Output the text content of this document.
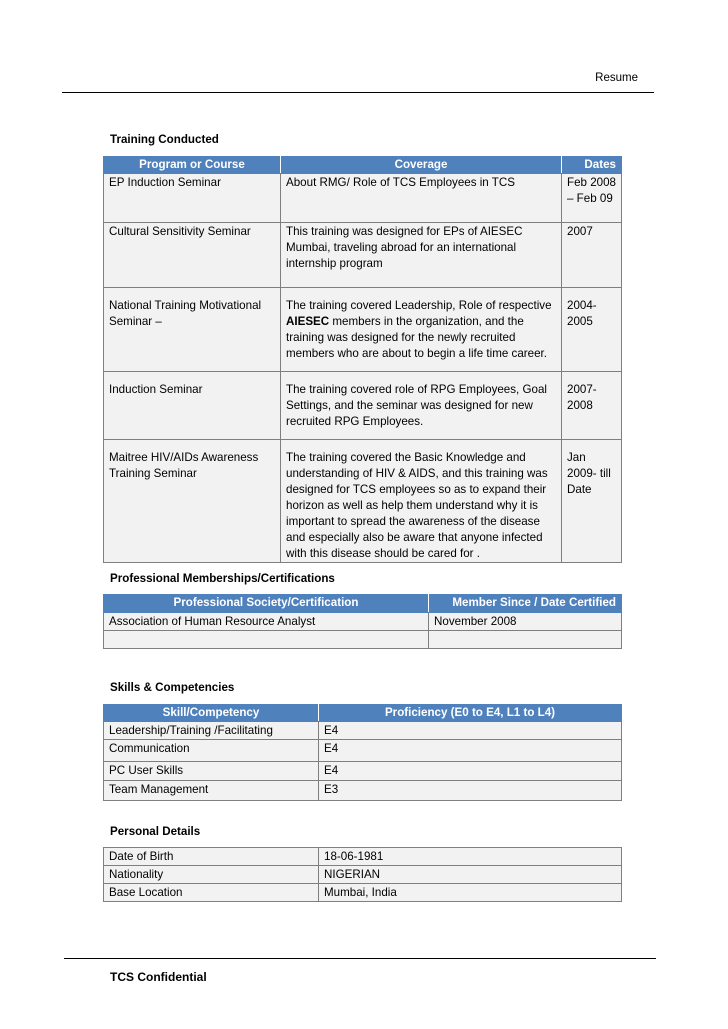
Resume
Training Conducted
Program or Course	Coverage	Dates
EP Induction Seminar	About RMG/ Role of TCS Employees in TCS	Feb 2008 – Feb 09
Cultural Sensitivity Seminar	This training was designed for EPs of AIESEC Mumbai, traveling abroad for an international internship program	2007
National Training Motivational Seminar –	The training covered Leadership, Role of respective AIESEC members in the organization, and the training was designed for the newly recruited members who are about to begin a life time career.	2004-2005
Induction Seminar	The training covered role of RPG Employees, Goal Settings, and the seminar was designed for new recruited RPG Employees.	2007-2008
Maitree HIV/AIDs Awareness Training Seminar	The training covered the Basic Knowledge and understanding of HIV & AIDS, and this training was designed for TCS employees so as to expand their horizon as well as help them understand why it is important to spread the awareness of the disease and especially also be aware that anyone infected with this disease should be cared for .	Jan 2009- till Date
Professional Memberships/Certifications
Professional Society/Certification	Member Since / Date Certified
Association of Human Resource Analyst	November 2008

Skills & Competencies
Skill/Competency	Proficiency (E0 to E4, L1 to L4)
Leadership/Training /Facilitating	E4
Communication	E4
PC User Skills	E4
Team Management	E3
Personal Details
Date of Birth	18-06-1981
Nationality	NIGERIAN
Base Location	Mumbai, India
TCS Confidential
